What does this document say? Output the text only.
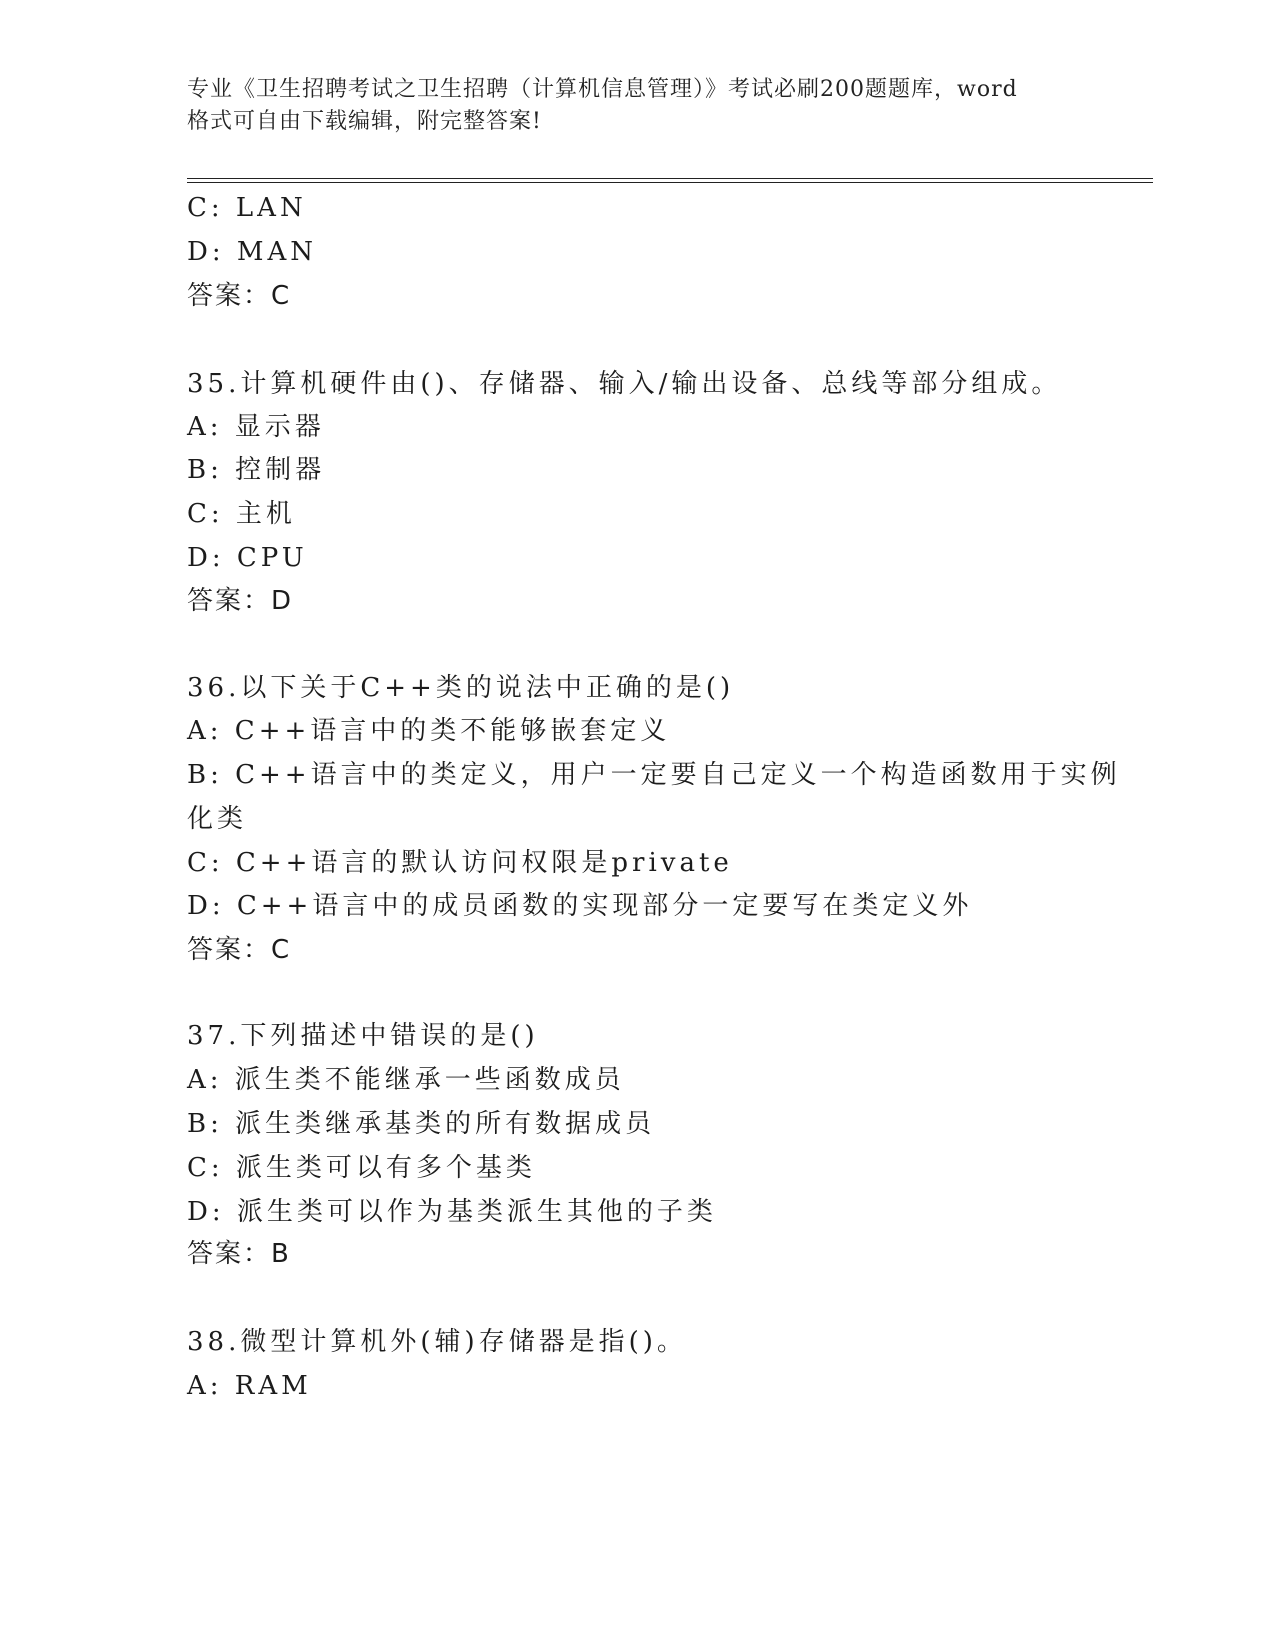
专业《卫生招聘考试之卫生招聘（计算机信息管理）》考试必刷200题题库，word
格式可自由下载编辑，附完整答案!
C: LAN
D: MAN
答案：C
35.计算机硬件由()、存储器、输入/输出设备、总线等部分组成。
A: 显示器
B: 控制器
C: 主机
D: CPU
答案：D
36.以下关于C++类的说法中正确的是()
A: C++语言中的类不能够嵌套定义
B: C++语言中的类定义，用户一定要自己定义一个构造函数用于实例
化类
C: C++语言的默认访问权限是private
D: C++语言中的成员函数的实现部分一定要写在类定义外
答案：C
37.下列描述中错误的是()
A: 派生类不能继承一些函数成员
B: 派生类继承基类的所有数据成员
C: 派生类可以有多个基类
D: 派生类可以作为基类派生其他的子类
答案：B
38.微型计算机外(辅)存储器是指()。
A: RAM
